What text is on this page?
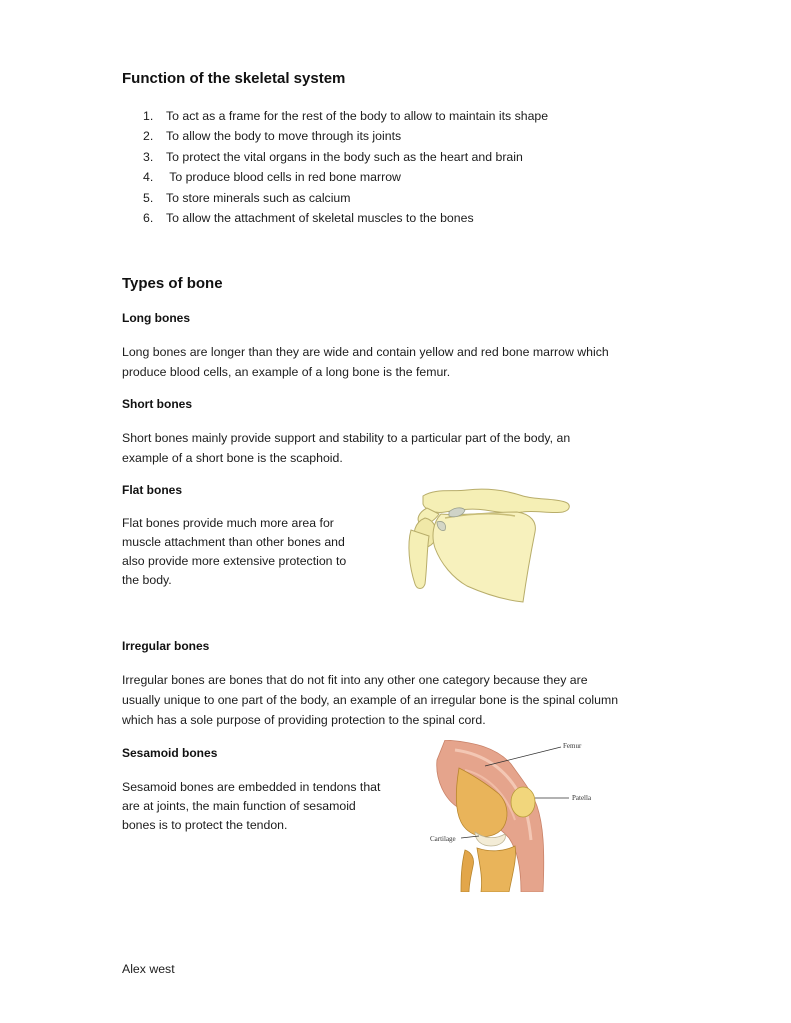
Function of the skeletal system
1. To act as a frame for the rest of the body to allow to maintain its shape
2. To allow the body to move through its joints
3. To protect the vital organs in the body such as the heart and brain
4. To produce blood cells in red bone marrow
5. To store minerals such as calcium
6. To allow the attachment of skeletal muscles to the bones
Types of bone
Long bones

Long bones are longer than they are wide and contain yellow and red bone marrow which
produce blood cells, an example of a long bone is the femur.

Short bones

Short bones mainly provide support and stability to a particular part of the body, an
example of a short bone is the scaphoid.

Flat bones

Flat bones provide much more area for
muscle attachment than other bones and
also provide more extensive protection to
the body.

Irregular bones

Irregular bones are bones that do not fit into any other one category because they are
usually unique to one part of the body, an example of an irregular bone is the spinal column
which has a sole purpose of providing protection to the spinal cord.

Sesamoid bones

Sesamoid bones are embedded in tendons that
are at joints, the main function of sesamoid
bones is to protect the tendon.

Femur
Patella
Cartilage
Alex west
